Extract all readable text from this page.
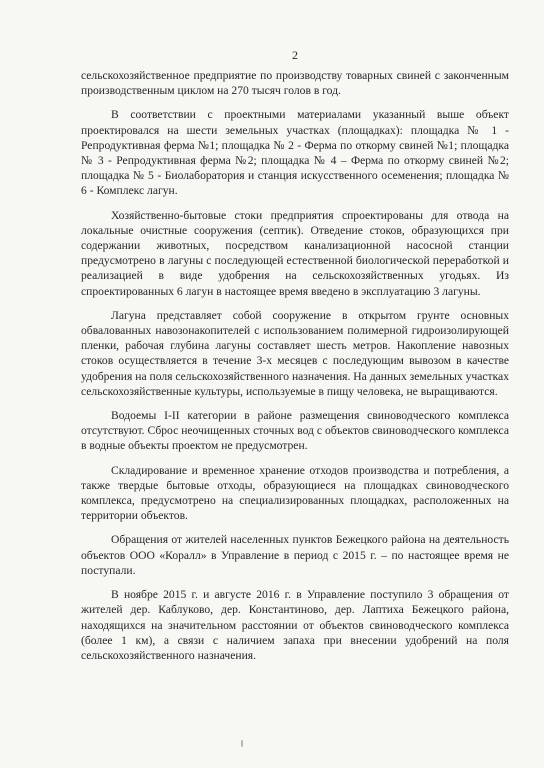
2

сельскохозяйственное предприятие по производству товарных свиней с законченным производственным циклом на 270 тысяч голов в год.

В соответствии с проектными материалами указанный выше объект проектировался на шести земельных участках (площадках): площадка № 1 - Репродуктивная ферма №1; площадка № 2 - Ферма по откорму свиней №1; площадка № 3 - Репродуктивная ферма №2; площадка № 4 – Ферма по откорму свиней №2; площадка № 5 - Биолаборатория и станция искусственного осеменения; площадка № 6 - Комплекс лагун.

Хозяйственно-бытовые стоки предприятия спроектированы для отвода на локальные очистные сооружения (септик). Отведение стоков, образующихся при содержании животных, посредством канализационной насосной станции предусмотрено в лагуны с последующей естественной биологической переработкой и реализацией в виде удобрения на сельскохозяйственных угодьях. Из спроектированных 6 лагун в настоящее время введено в эксплуатацию 3 лагуны.

Лагуна представляет собой сооружение в открытом грунте основных обвалованных навозонакопителей с использованием полимерной гидроизолирующей пленки, рабочая глубина лагуны составляет шесть метров. Накопление навозных стоков осуществляется в течение 3-х месяцев с последующим вывозом в качестве удобрения на поля сельскохозяйственного назначения. На данных земельных участках сельскохозяйственные культуры, используемые в пищу человека, не выращиваются.

Водоемы I-II категории в районе размещения свиноводческого комплекса отсутствуют. Сброс неочищенных сточных вод с объектов свиноводческого комплекса в водные объекты проектом не предусмотрен.

Складирование и временное хранение отходов производства и потребления, а также твердые бытовые отходы, образующиеся на площадках свиноводческого комплекса, предусмотрено на специализированных площадках, расположенных на территории объектов.

Обращения от жителей населенных пунктов Бежецкого района на деятельность объектов ООО «Коралл» в Управление в период с 2015 г. – по настоящее время не поступали.

В ноябре 2015 г. и августе 2016 г. в Управление поступило 3 обращения от жителей дер. Каблуково, дер. Константиново, дер. Лаптиха Бежецкого района, находящихся на значительном расстоянии от объектов свиноводческого комплекса (более 1 км), а связи с наличием запаха при внесении удобрений на поля сельскохозяйственного назначения.
